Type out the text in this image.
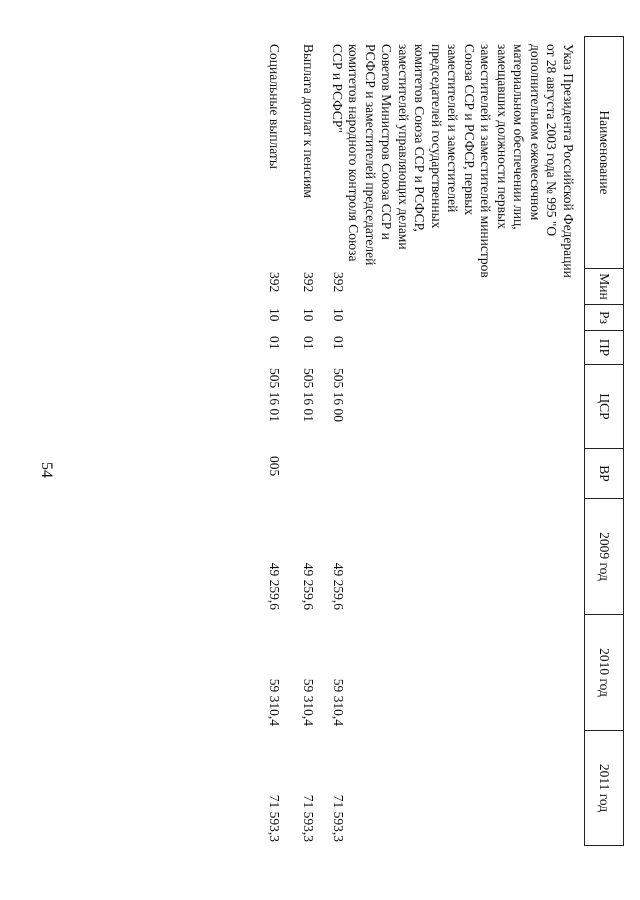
54
Наименование
Мин
Рз
ПР
ЦСР
ВР
2009 год
2010 год
2011 год
Указ Президента Российской Федерации от 28 августа 2003 года № 995 "О дополнительном ежемесячном материальном обеспечении лиц, замещавших должности первых заместителей и заместителей министров Союза ССР и РСФСР, первых заместителей и заместителей председателей государственных комитетов Союза ССР и РСФСР, заместителей управляющих делами Советов Министров Союза ССР и РСФСР и заместителей председателей комитетов народного контроля Союза ССР и РСФСР"
392
10
01
505 16 00
49 259,6
59 310,4
71 593,3
Выплата доплат к пенсиям
392
10
01
505 16 01
49 259,6
59 310,4
71 593,3
Социальные выплаты
392
10
01
505 16 01
005
49 259,6
59 310,4
71 593,3
